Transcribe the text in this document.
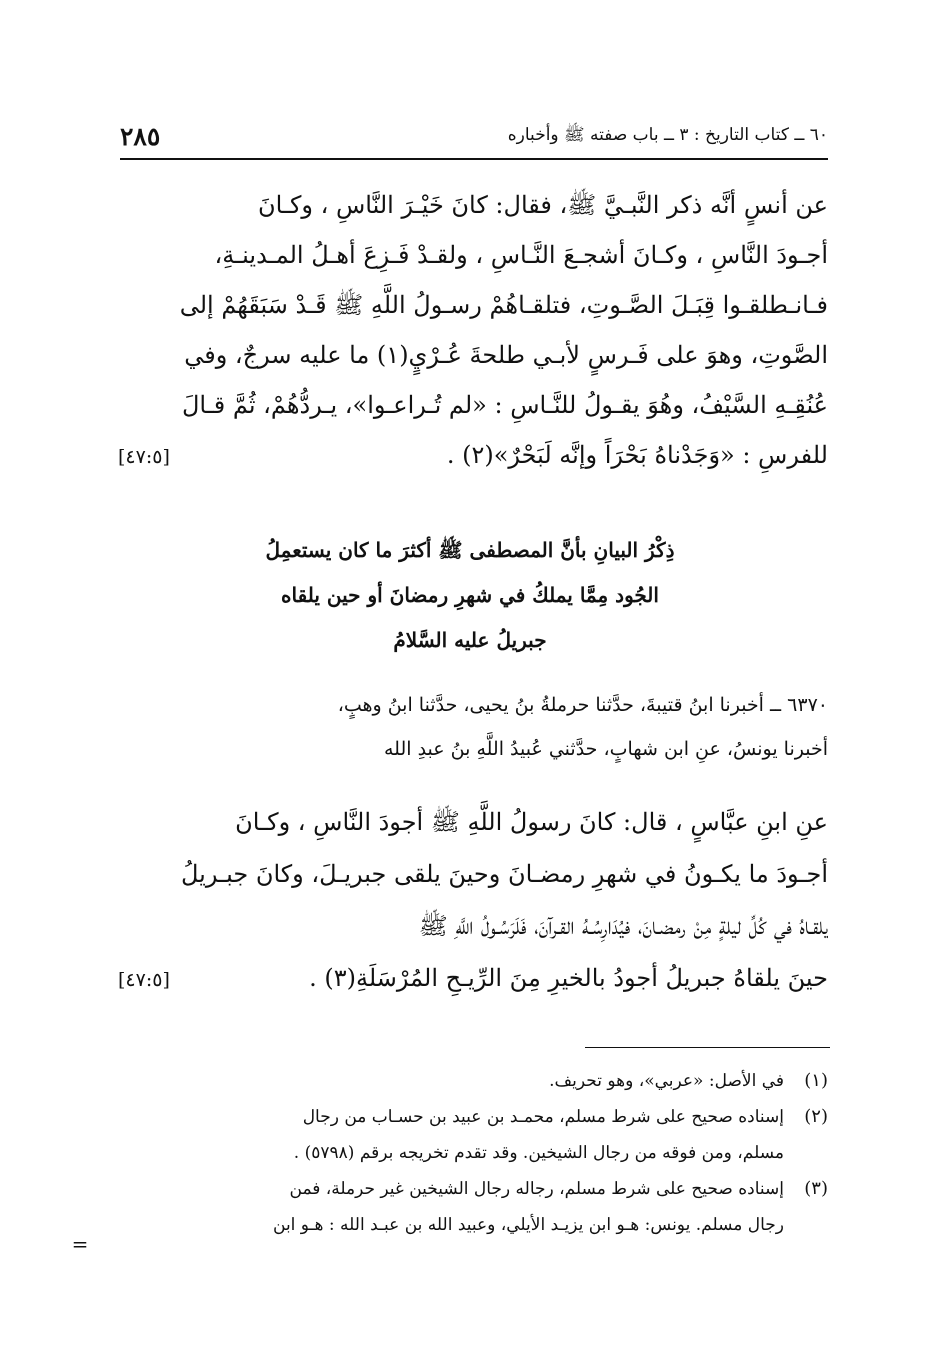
٢٨٥	٦٠ ــ كتاب التاريخ : ٣ ــ باب صفته ﷺ وأخباره
عن أنسٍ أنَّه ذكر النَّبـيَّ ﷺ، فقال: كانَ خَيْـرَ النَّاسِ ، وكـانَ
أجـودَ النَّاسِ ، وكـانَ أشجـعَ النَّـاسِ ، ولقـدْ فَـزِعَ أهـلُ المـدينـةِ،
فـانـطلقـوا قِبَـلَ الصَّـوتِ، فتلقـاهُمْ رسـولُ اللَّهِ ﷺ قَـدْ سَبَقَهُمْ إلى
الصَّوتِ، وهوَ على فَـرسٍ لأبـي طلحةَ عُـرْيٍ(١) ما عليه سرجٌ، وفي
عُنُقِـهِ السَّيْفُ، وهُوَ يقـولُ للنَّـاسِ : «لم تُـراعـوا»، يـردُّهُمْ، ثُمَّ قـالَ
للفرسِ : «وَجَدْناهُ بَحْرَاً وإنَّه لَبَحْرٌ»(٢) .
[٤٧:٥]
ذِكْرُ البيانِ بأنَّ المصطفى ﷺ أكثرَ ما كان يستعمِلُ
الجُود مِمَّا يملكُ في شهرِ رمضانَ أو حين يلقاه
جبريلُ عليه السَّلامُ
٦٣٧٠ ــ أخبرنا ابنُ قتيبةَ، حدَّثنا حرملةُ بنُ يحيى، حدَّثنا ابنُ وهبٍ،
أخبرنا يونسُ، عنِ ابن شهابٍ، حدَّثني عُبيدُ اللَّهِ بنُ عبدِ الله
عنِ ابنِ عبَّاسٍ ، قال: كانَ رسولُ اللَّهِ ﷺ أجودَ النَّاسِ ، وكـانَ
أجـودَ ما يكـونُ في شهرِ رمضـانَ وحينَ يلقى جبريـلَ، وكانَ جبـريلُ
يلقـاهُ في كُلِّ ليلةٍ مِنْ رمضـانَ، فيُدَارِسُـهُ القـرآنَ، فَلَرَسُـولُ اللَّهِ ﷺ
حينَ يلقاهُ جبريلُ أجودُ بالخيرِ مِنَ الرِّيـحِ المُرْسَلَةِ(٣) .
[٤٧:٥]
(١)
في الأصل: «عربي»، وهو تحريف.
(٢)
إسناده صحيح على شرط مسلم، محمـد بن عبيد بن حسـاب من رجال
مسلم، ومن فوقه من رجال الشيخين. وقد تقدم تخريجه برقم (٥٧٩٨) .
(٣)
إسناده صحيح على شرط مسلم، رجاله رجال الشيخين غير حرملة، فمن
رجال مسلم. يونس: هـو ابن يزيـد الأيلي، وعبيد الله بن عبـد الله : هـو ابن
=
